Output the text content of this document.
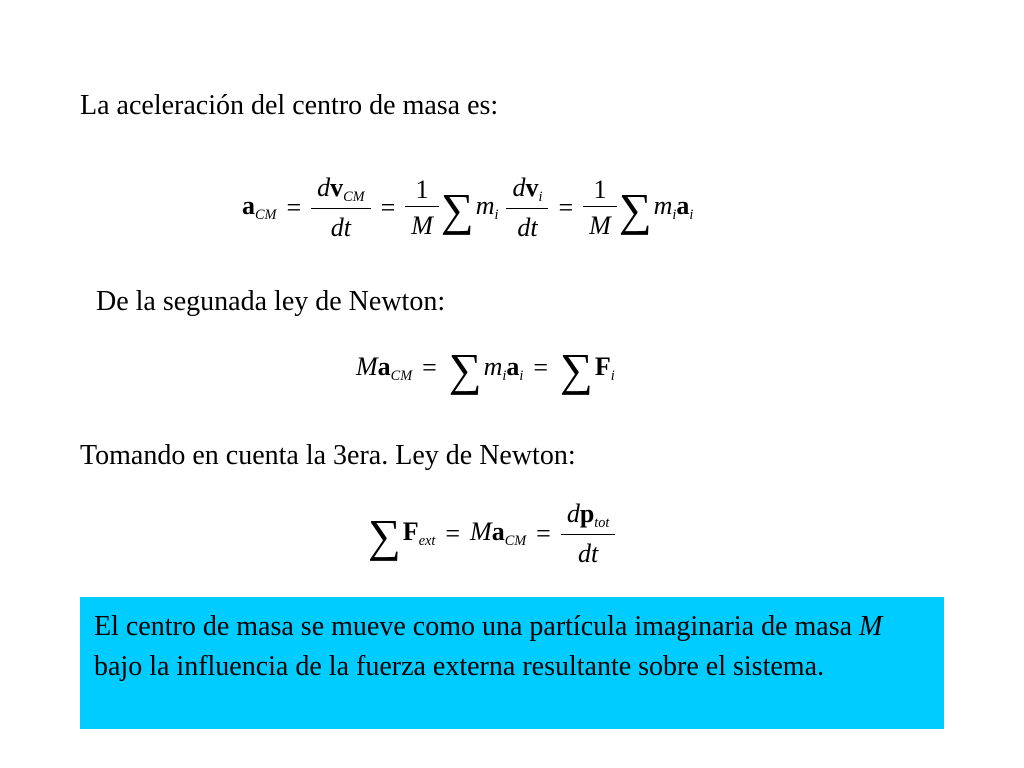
La aceleración del centro de masa es:
$a_{CM} = \frac{dv_{CM}}{dt} = \frac{1}{M}$ ∑ $m_i \frac{dv_i}{dt} = \frac{1}{M}$ ∑ $m_ia_i$
De la segunada ley de Newton:
$Ma_{CM}$ = ∑ $m_ia_i$ = ∑ $F_i$
Tomando en cuenta la 3era. Ley de Newton:
∑ $F_{ext} = Ma_{CM} = \frac{dp_{tot}}{dt}$
El centro de masa se mueve como una partícula imaginaria de masa M bajo la influencia de la fuerza externa resultante sobre el sistema.
